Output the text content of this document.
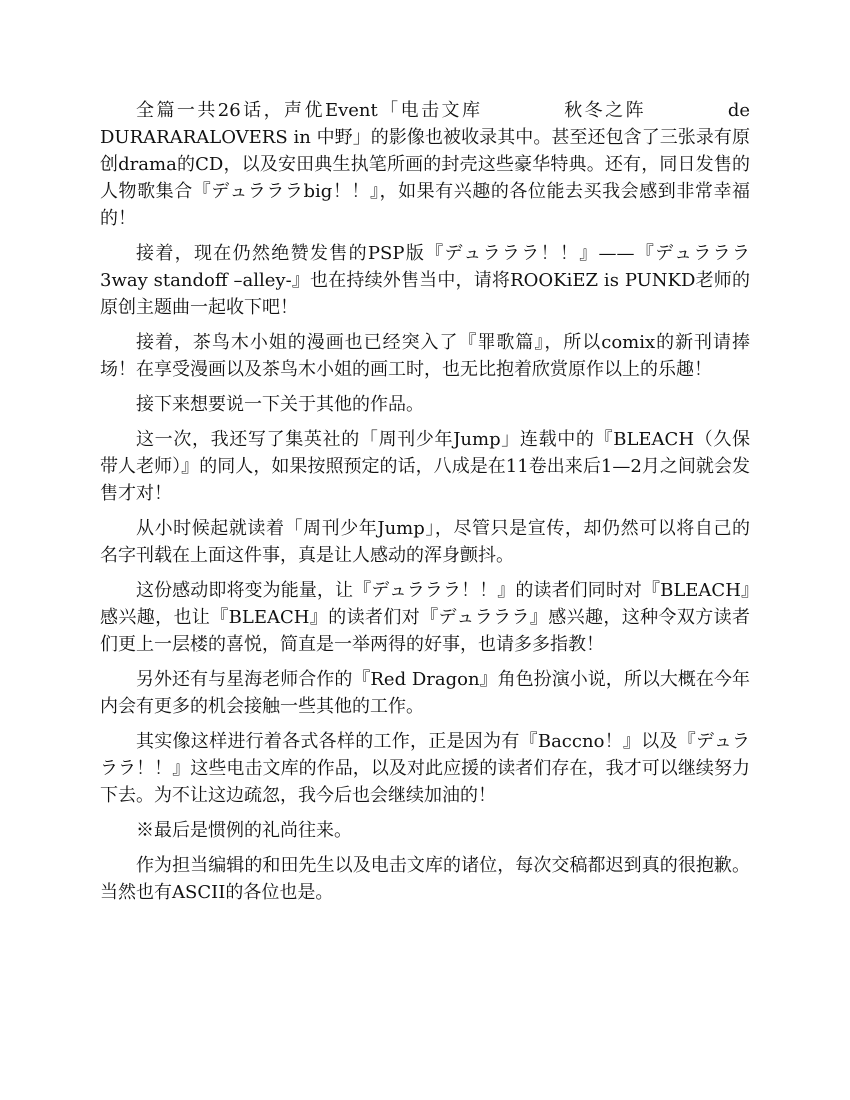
全篇一共26话，声优Event「电击文库　　　　秋冬之阵　　　　de DURARARALOVERS in 中野」的影像也被收录其中。甚至还包含了三张录有原创drama的CD，以及安田典生执笔所画的封壳这些豪华特典。还有，同日发售的人物歌集合『デュラララbig！！』，如果有兴趣的各位能去买我会感到非常幸福的！

接着，现在仍然绝赞发售的PSP版『デュラララ！！』——『デュラララ3way standoff –alley-』也在持续外售当中，请将ROOKiEZ is PUNKD老师的原创主题曲一起收下吧！

接着，茶鸟木小姐的漫画也已经突入了『罪歌篇』，所以comix的新刊请捧场！在享受漫画以及茶鸟木小姐的画工时，也无比抱着欣赏原作以上的乐趣！

接下来想要说一下关于其他的作品。

这一次，我还写了集英社的「周刊少年Jump」连载中的『BLEACH（久保带人老师）』的同人，如果按照预定的话，八成是在11卷出来后1—2月之间就会发售才对！

从小时候起就读着「周刊少年Jump」，尽管只是宣传，却仍然可以将自己的名字刊载在上面这件事，真是让人感动的浑身颤抖。

这份感动即将变为能量，让『デュラララ！！』的读者们同时对『BLEACH』感兴趣，也让『BLEACH』的读者们对『デュラララ』感兴趣，这种令双方读者们更上一层楼的喜悦，简直是一举两得的好事，也请多多指教！

另外还有与星海老师合作的『Red Dragon』角色扮演小说，所以大概在今年内会有更多的机会接触一些其他的工作。

其实像这样进行着各式各样的工作，正是因为有『Baccno！』以及『デュラララ！！』这些电击文库的作品，以及对此应援的读者们存在，我才可以继续努力下去。为不让这边疏忽，我今后也会继续加油的！

※最后是惯例的礼尚往来。

作为担当编辑的和田先生以及电击文库的诸位，每次交稿都迟到真的很抱歉。当然也有ASCII的各位也是。
